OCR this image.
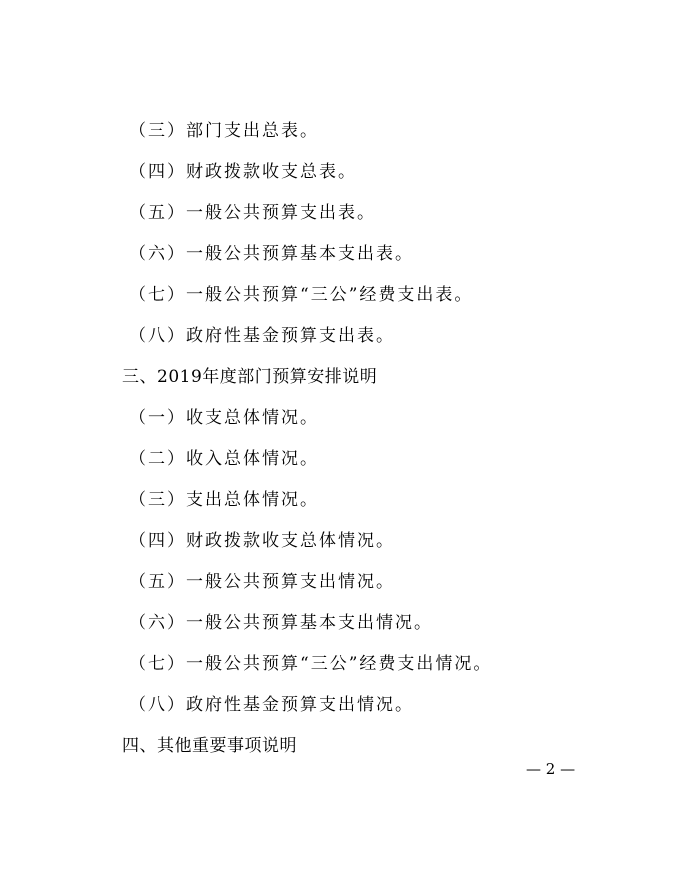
（三）部门支出总表。
（四）财政拨款收支总表。
（五）一般公共预算支出表。
（六）一般公共预算基本支出表。
（七）一般公共预算“三公”经费支出表。
（八）政府性基金预算支出表。
三、2019年度部门预算安排说明
（一）收支总体情况。
（二）收入总体情况。
（三）支出总体情况。
（四）财政拨款收支总体情况。
（五）一般公共预算支出情况。
（六）一般公共预算基本支出情况。
（七）一般公共预算“三公”经费支出情况。
（八）政府性基金预算支出情况。
四、其他重要事项说明
— 2 —
